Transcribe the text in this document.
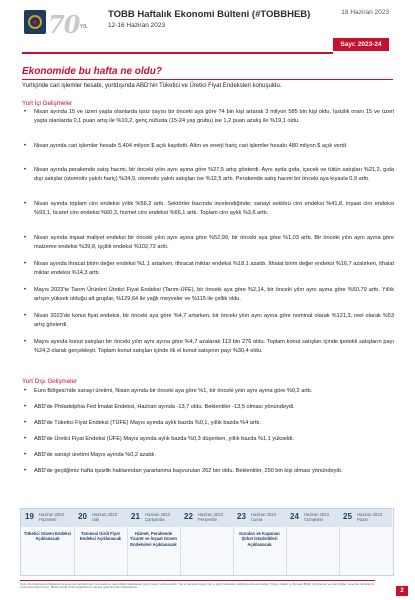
70 YIL
TOBB Haftalık Ekonomi Bülteni (#TOBBHEB)
12-16 Haziran 2023
18 Haziran 2023
Sayı: 2023-24
Ekonomide bu hafta ne oldu?
Yurtiçinde cari işlemler hesabı, yurtdışında ABD'nin Tüketici ve Üretici Fiyat Endeksleri konuşuldu.
Yurt İçi Gelişmeler
• Nisan ayında 15 ve üzeri yaşta olanlarda işsiz sayısı bir önceki aya göre 74 bin kişi artarak 3 milyon 585 bin kişi oldu. İşsizlik oranı 15 ve üzeri yaşta olanlarda 0,1 puan artış ile %10,2, genç nüfusta (15-24 yaş grubu) ise 1,2 puan azalış ile %19,1 oldu.
• Nisan ayında cari işlemler hesabı 5.404 milyon $ açık kaydetti. Altın ve enerji hariç cari işlemler hesabı 480 milyon $ açık verdi.
• Nisan ayında perakende satış hacmi, bir önceki yılın aynı ayına göre %27,5 artış gösterdi. Aynı ayda gıda, içecek ve tütün satışları %21,2, gıda dışı satışlar (otomotiv yakıtı hariç) %34,9, otomotiv yakıtı satışları ise %12,5 arttı. Perakende satış hacmi bir önceki aya kıyasla 0,9 arttı.
• Nisan ayında toplam ciro endeksi yıllık %56,2 arttı. Sektörler bazında incelendiğinde; sanayi sektörü ciro endeksi %41,8, inşaat ciro endeksi %93,1, ticaret ciro endeksi %60,3, hizmet ciro endeksi %66,1 arttı. Toplam ciro aylık %3,6 arttı.
• Nisan ayında inşaat maliyet endeksi bir önceki yılın aynı ayına göre %52,99, bir önceki aya göre %1,03 arttı. Bir önceki yılın aynı ayına göre malzeme endeksi %39,8, işçilik endeksi %102,72 arttı.
• Nisan ayında ihracat birim değer endeksi %1,1 artarken, ithracat miktar endeksi %18,1 azaldı. İthalat birim değer endeksi %16,7 azalırken, ithalat miktar endeksi %14,3 arttı.
• Mayıs 2023'te Tarım Ürünleri Üretici Fiyat Endeksi (Tarım-ÜFE), bir önceki aya göre %2,14, bir önceki yılın aynı ayına göre %50,79 arttı. Yıllık artışın yüksek olduğu alt gruplar, %129,64 ile yağlı meyveler ve %115 ile çeltik oldu.
• Nisan 2023'de konut fiyat endeksi, bir önceki aya göre %4,7 artarken, bir önceki yılın aynı ayına göre nominal olarak %121,3, reel olarak %53 artış gösterdi.
• Mayıs ayında konut satışları bir önceki yılın aynı ayına göre %4,7 azalarak 113 bin 276 oldu. Toplam konut satışları içinde ipotekli satışların payı %24,3 olarak gerçekleşti. Toplam konut satışları içinde ilk el konut satışının payı %30,4 oldu.
Yurt Dışı Gelişmeler
• Euro Bölgesi'nde sanayi üretimi, Nisan ayında bir önceki aya göre %1, bir önceki yılın aynı ayına göre %0,2 arttı.
• ABD'de Philadelphia Fed İmalat Endeksi, Haziran ayında -13,7 oldu. Beklentiler -13,5 olması yönündeydi.
• ABD'de Tüketici Fiyat Endeksi (TÜFE) Mayıs ayında aylık bazda %0,1, yıllık bazda %4 arttı.
• ABD'de Üretici Fiyat Endeksi (ÜFE) Mayıs ayında aylık bazda %0,3 düşerken, yıllık bazda %1,1 yükseldi.
• ABD'de sanayi üretimi Mayıs ayında %0,2 azaldı.
• ABD'de geçtiğimiz hafta işsizlik haklarından yararlanma başvuruları 262 bin oldu. Beklentiler, 250 bin kişi olması yönündeydi.
19 Haziran 2023
Pazartesi
Tüketici Güven Endeksi Açıklanacak
20 Haziran 2023
Salı
Tarımsal Girdi Fiyat Endeksi Açıklanacak
21 Haziran 2023
Çarşamba
Hizmet, Perakende Ticaret ve İnşaat Güven Endeksleri Açıklanacak
22 Haziran 2023
Perşembe	23 Haziran 2023
Cuma
Kurulan ve Kapanan Şirket İstatistikleri Açıklanacak
24 Haziran 2023
Cumartesi	25 Haziran 2023
Pazar
Uyarı: Bu bültenigenel bilgilendirme amacıyla hazırlanmıştır ve burada yer alan bilgiler kullanılarak yatırım kararı verilmemelidir. Yatırım kararları kişisel risk ve getiri beklentileri doğrultusunda alınmalıdır. Türkiye Odalar ve Borsalar Birliği, bu bültende yer alan bilgiler nedeniyle herhangi bir sorumluluk kabul etmez. Bülten içeriği izinsiz çoğaltılamaz, kaynak gösterilmeden kullanılamaz.
2
